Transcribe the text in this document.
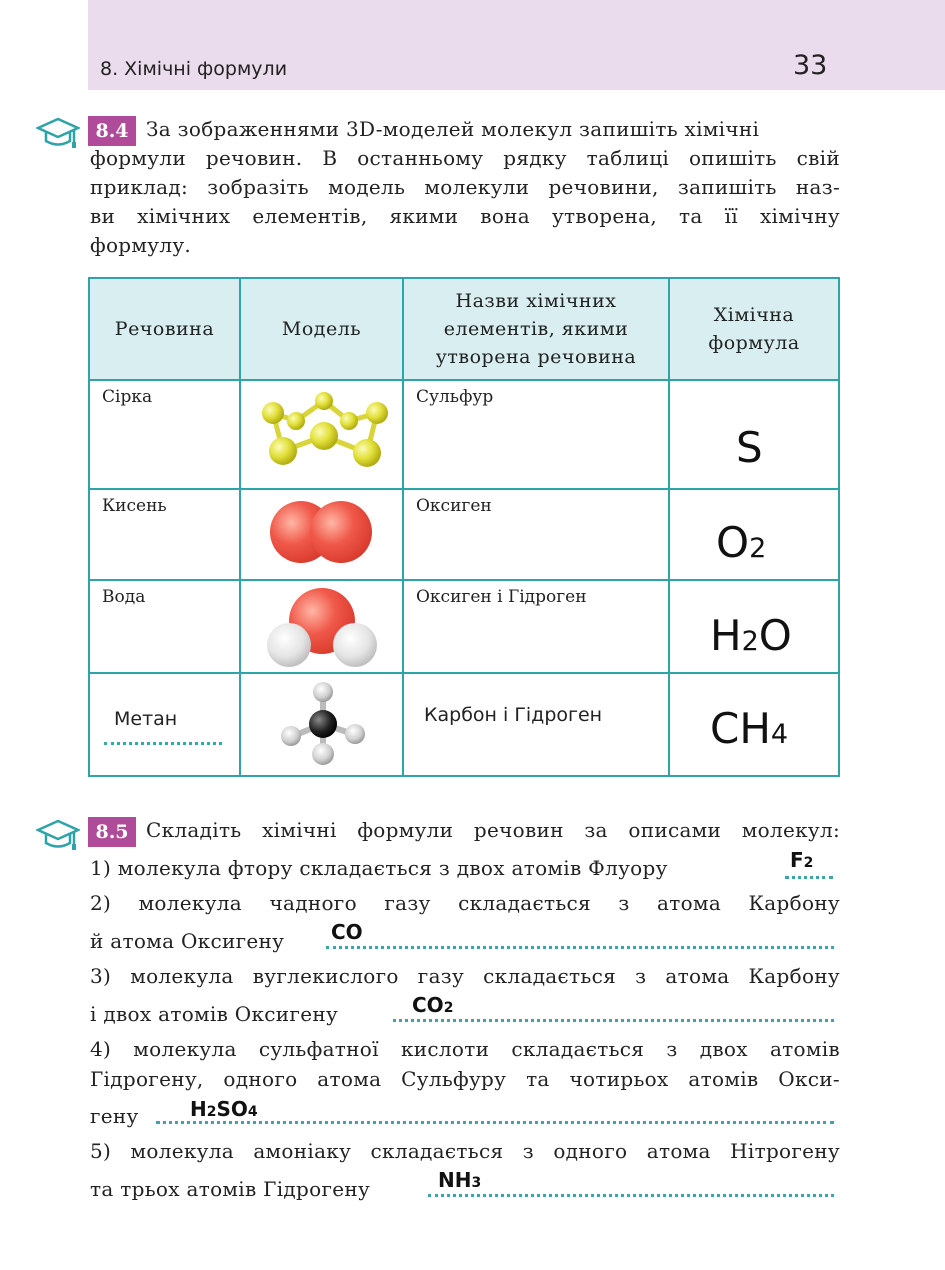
8. Хімічні формули	33
8.4 За зображеннями 3D-моделей молекул запишіть хімічні
формули речовин. В останньому рядку таблиці опишіть свій
приклад: зобразіть модель молекули речовини, запишіть наз-
ви хімічних елементів, якими вона утворена, та її хімічну
формулу.
Речовина	Модель	Назви хімічних елементів, якими утворена речовина	Хімічна формула

Сірка		Сульфур	S

Кисень		Оксиген	O2

Вода		Оксиген і Гідроген	H2O

Метан		Карбон і Гідроген	CH4
8.5 Складіть хімічні формули речовин за описами молекул:
1) молекула фтору складається з двох атомів Флуору	F2
2) молекула чадного газу складається з атома Карбону
й атома Оксигену	CO
3) молекула вуглекислого газу складається з атома Карбону
і двох атомів Оксигену	CO2
4) молекула сульфатної кислоти складається з двох атомів
Гідрогену, одного атома Сульфуру та чотирьох атомів Окси-
гену	H2SO4
5) молекула амоніаку складається з одного атома Нітрогену
та трьох атомів Гідрогену	NH3
